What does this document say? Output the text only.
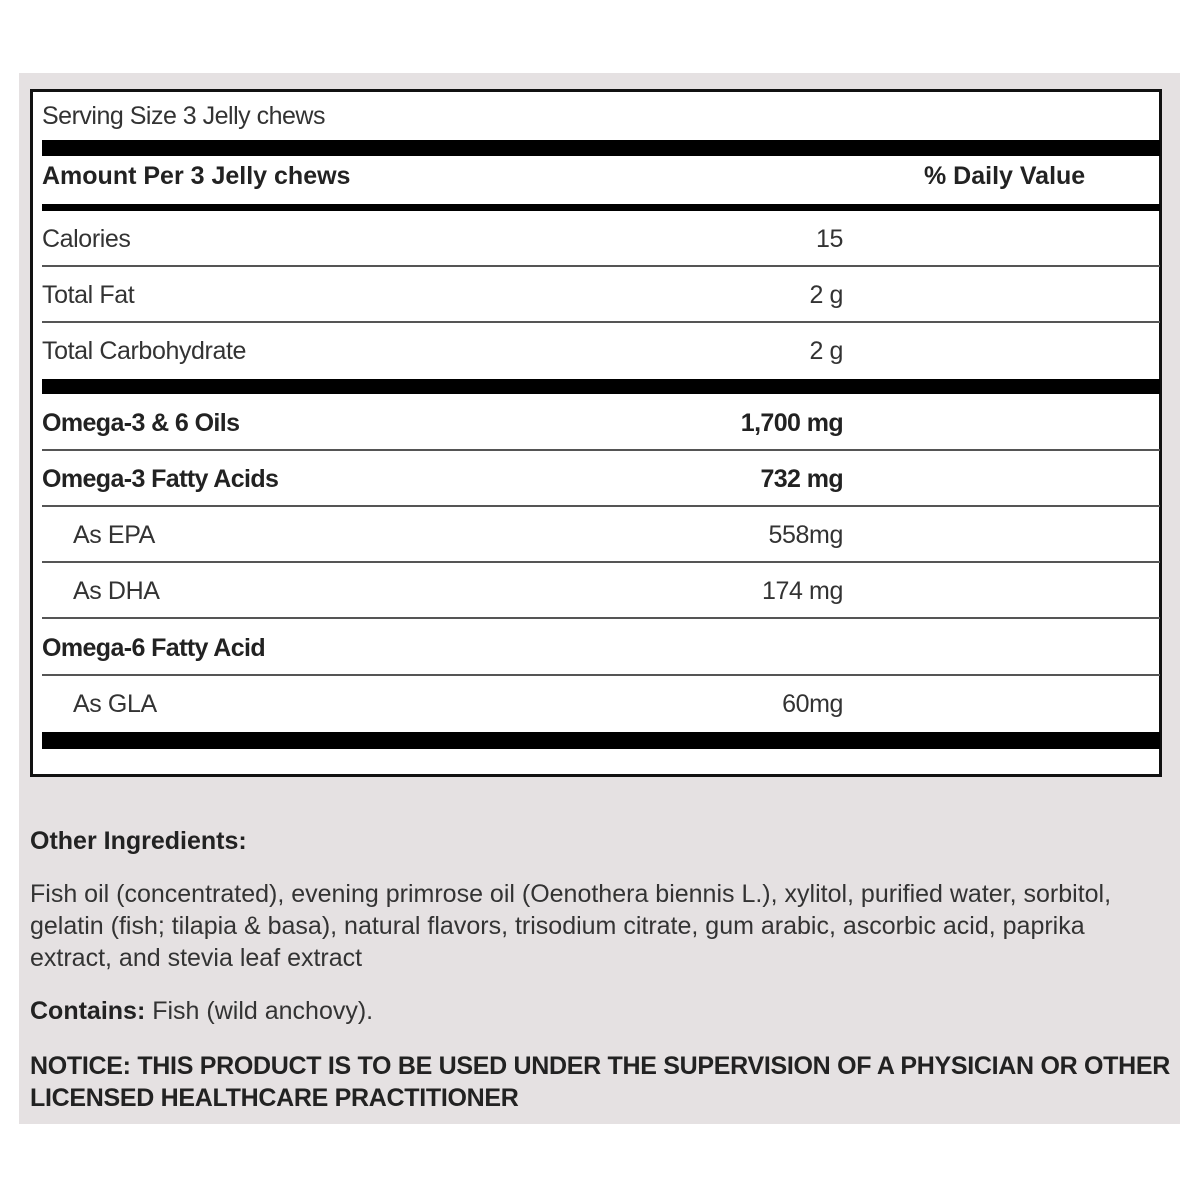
Serving Size 3 Jelly chews
Amount Per 3 Jelly chews	% Daily Value
Calories	15
Total Fat	2 g
Total Carbohydrate	2 g
Omega-3 & 6 Oils	1,700 mg
Omega-3 Fatty Acids	732 mg
As EPA	558mg
As DHA	174 mg
Omega-6 Fatty Acid
As GLA	60mg
Other Ingredients:
Fish oil (concentrated), evening primrose oil (Oenothera biennis L.), xylitol, purified water, sorbitol, gelatin (fish; tilapia & basa), natural flavors, trisodium citrate, gum arabic, ascorbic acid, paprika extract, and stevia leaf extract
Contains: Fish (wild anchovy).
NOTICE: THIS PRODUCT IS TO BE USED UNDER THE SUPERVISION OF A PHYSICIAN OR OTHER LICENSED HEALTHCARE PRACTITIONER
